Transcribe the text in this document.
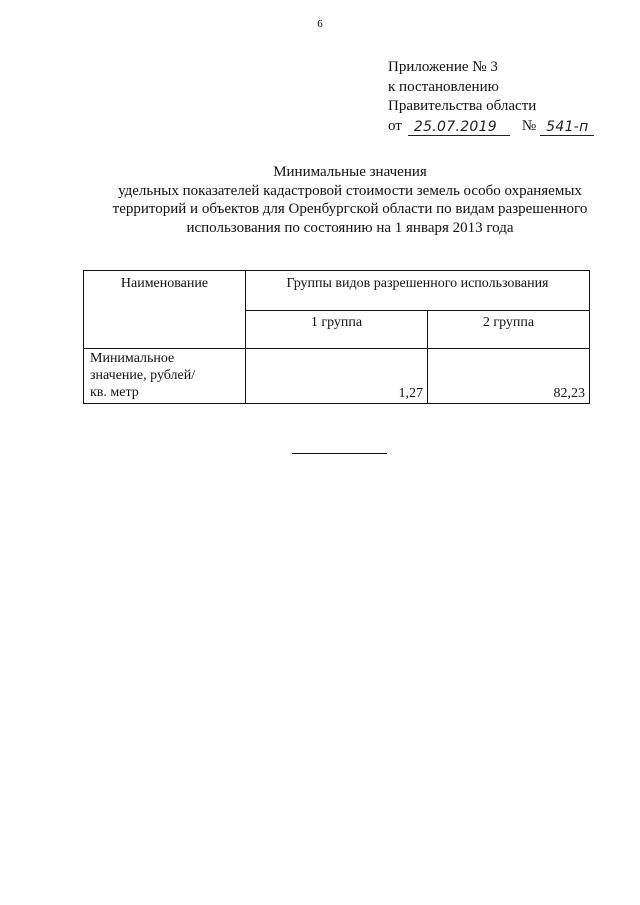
6
Приложение № 3
к постановлению
Правительства области
от 25.07.2019	№ 541-п
Минимальные значения
удельных показателей кадастровой стоимости земель особо охраняемых
территорий и объектов для Оренбургской области по видам разрешенного
использования по состоянию на 1 января 2013 года
Наименование	Группы видов разрешенного использования	
	1 группа	2 группа

Минимальное
значение, рублей/
кв. метр	1,27	82,23
